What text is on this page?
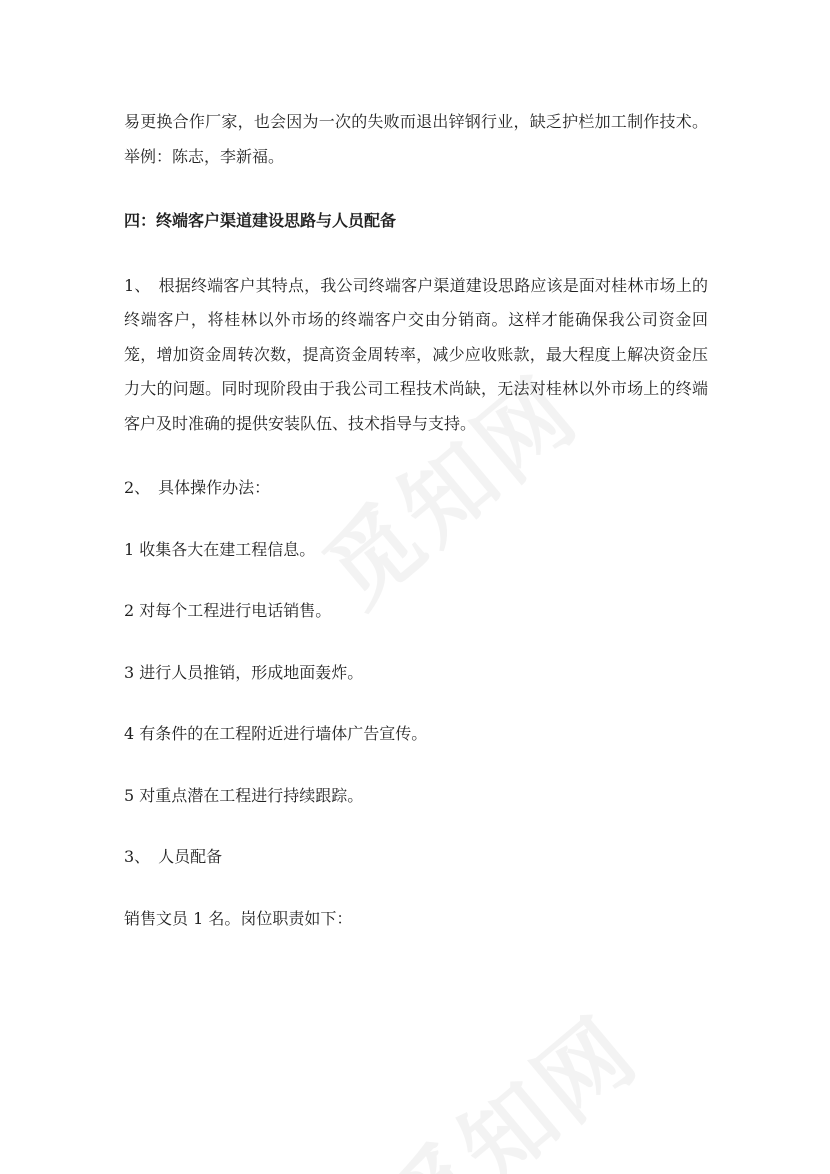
易更换合作厂家，也会因为一次的失败而退出锌钢行业，缺乏护栏加工制作技术。举例：陈志，李新福。

四：终端客户渠道建设思路与人员配备

1、　根据终端客户其特点，我公司终端客户渠道建设思路应该是面对桂林市场上的终端客户，将桂林以外市场的终端客户交由分销商。这样才能确保我公司资金回笼，增加资金周转次数，提高资金周转率，减少应收账款，最大程度上解决资金压力大的问题。同时现阶段由于我公司工程技术尚缺，无法对桂林以外市场上的终端客户及时准确的提供安装队伍、技术指导与支持。

2、　具体操作办法：

1 收集各大在建工程信息。

2 对每个工程进行电话销售。

3 进行人员推销，形成地面轰炸。

4 有条件的在工程附近进行墙体广告宣传。

5 对重点潜在工程进行持续跟踪。

3、　人员配备

销售文员 1 名。岗位职责如下：
